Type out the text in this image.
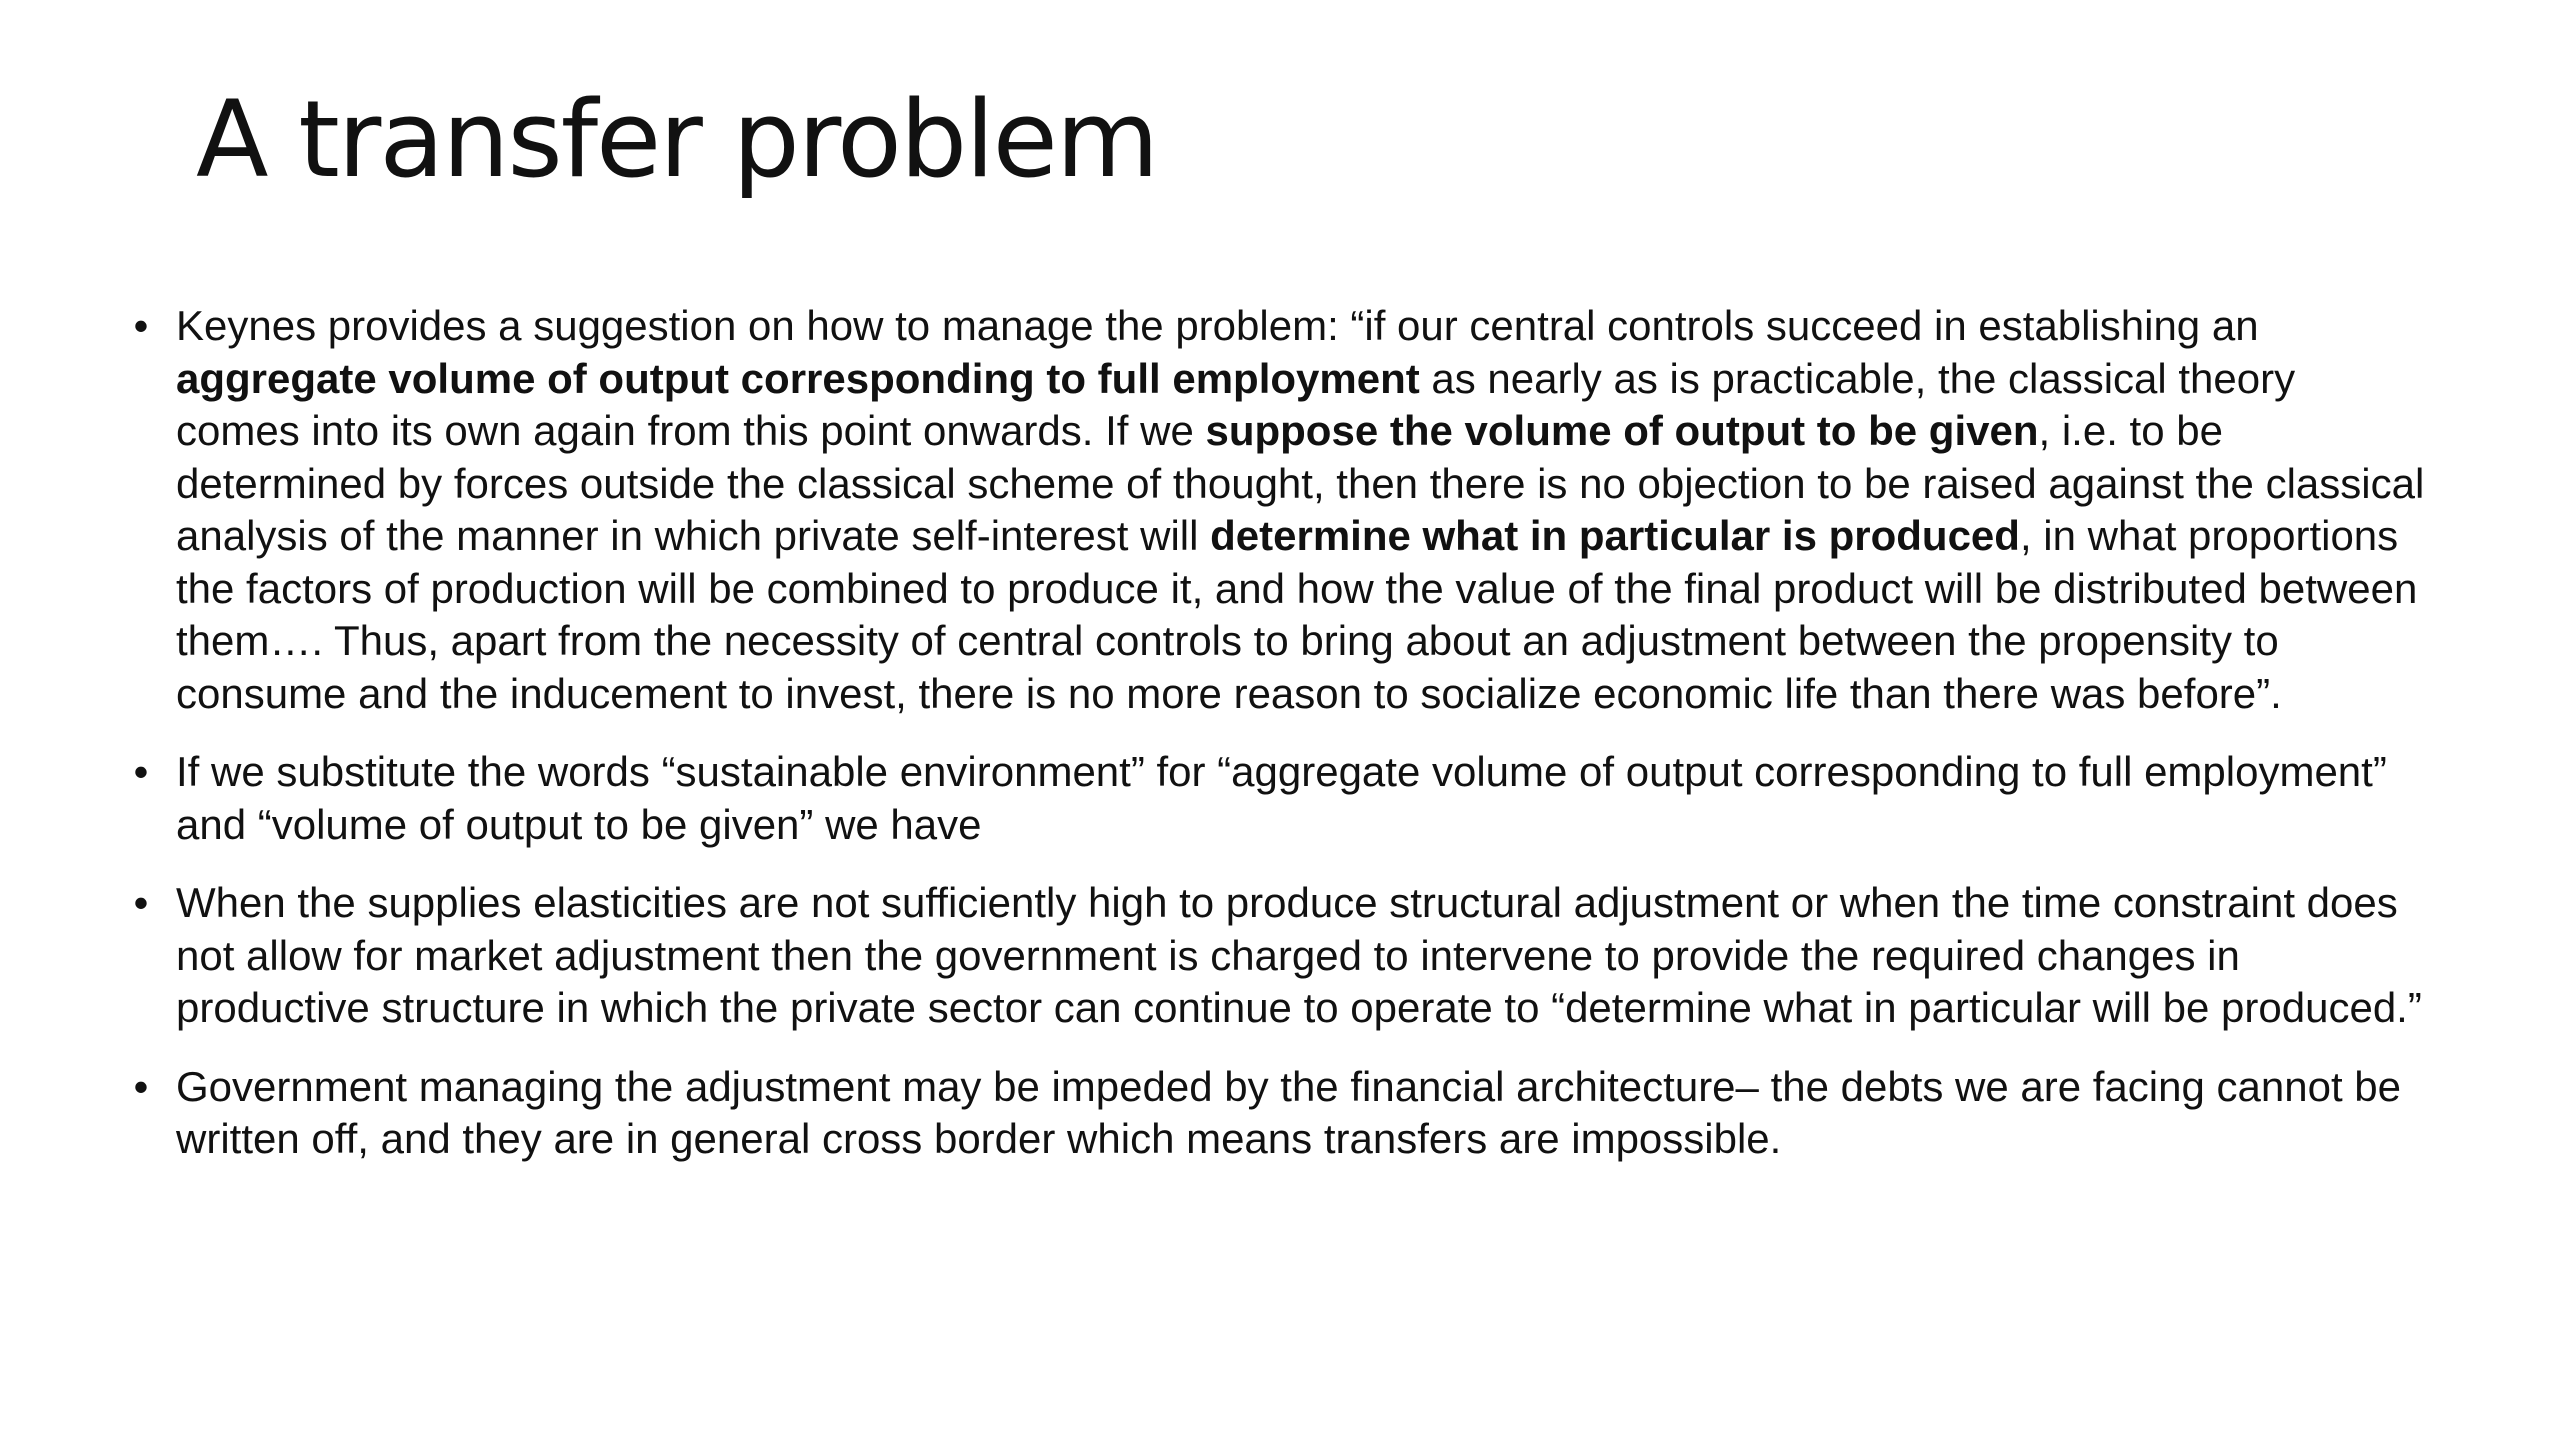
A transfer problem
• Keynes provides a suggestion on how to manage the problem: “if our central controls succeed in establishing an aggregate volume of output corresponding to full employment as nearly as is practicable, the classical theory comes into its own again from this point onwards. If we suppose the volume of output to be given, i.e. to be determined by forces outside the classical scheme of thought, then there is no objection to be raised against the classical analysis of the manner in which private self-interest will determine what in particular is produced, in what proportions the factors of production will be combined to produce it, and how the value of the final product will be distributed between them…. Thus, apart from the necessity of central controls to bring about an adjustment between the propensity to consume and the inducement to invest, there is no more reason to socialize economic life than there was before”.
• If we substitute the words “sustainable environment” for “aggregate volume of output corresponding to full employment” and “volume of output to be given” we have
• When the supplies elasticities are not sufficiently high to produce structural adjustment or when the time constraint does not allow for market adjustment then the government is charged to intervene to provide the required changes in productive structure in which the private sector can continue to operate to “determine what in particular will be produced.”
• Government managing the adjustment may be impeded by the financial architecture– the debts we are facing cannot be written off, and they are in general cross border which means transfers are impossible.
